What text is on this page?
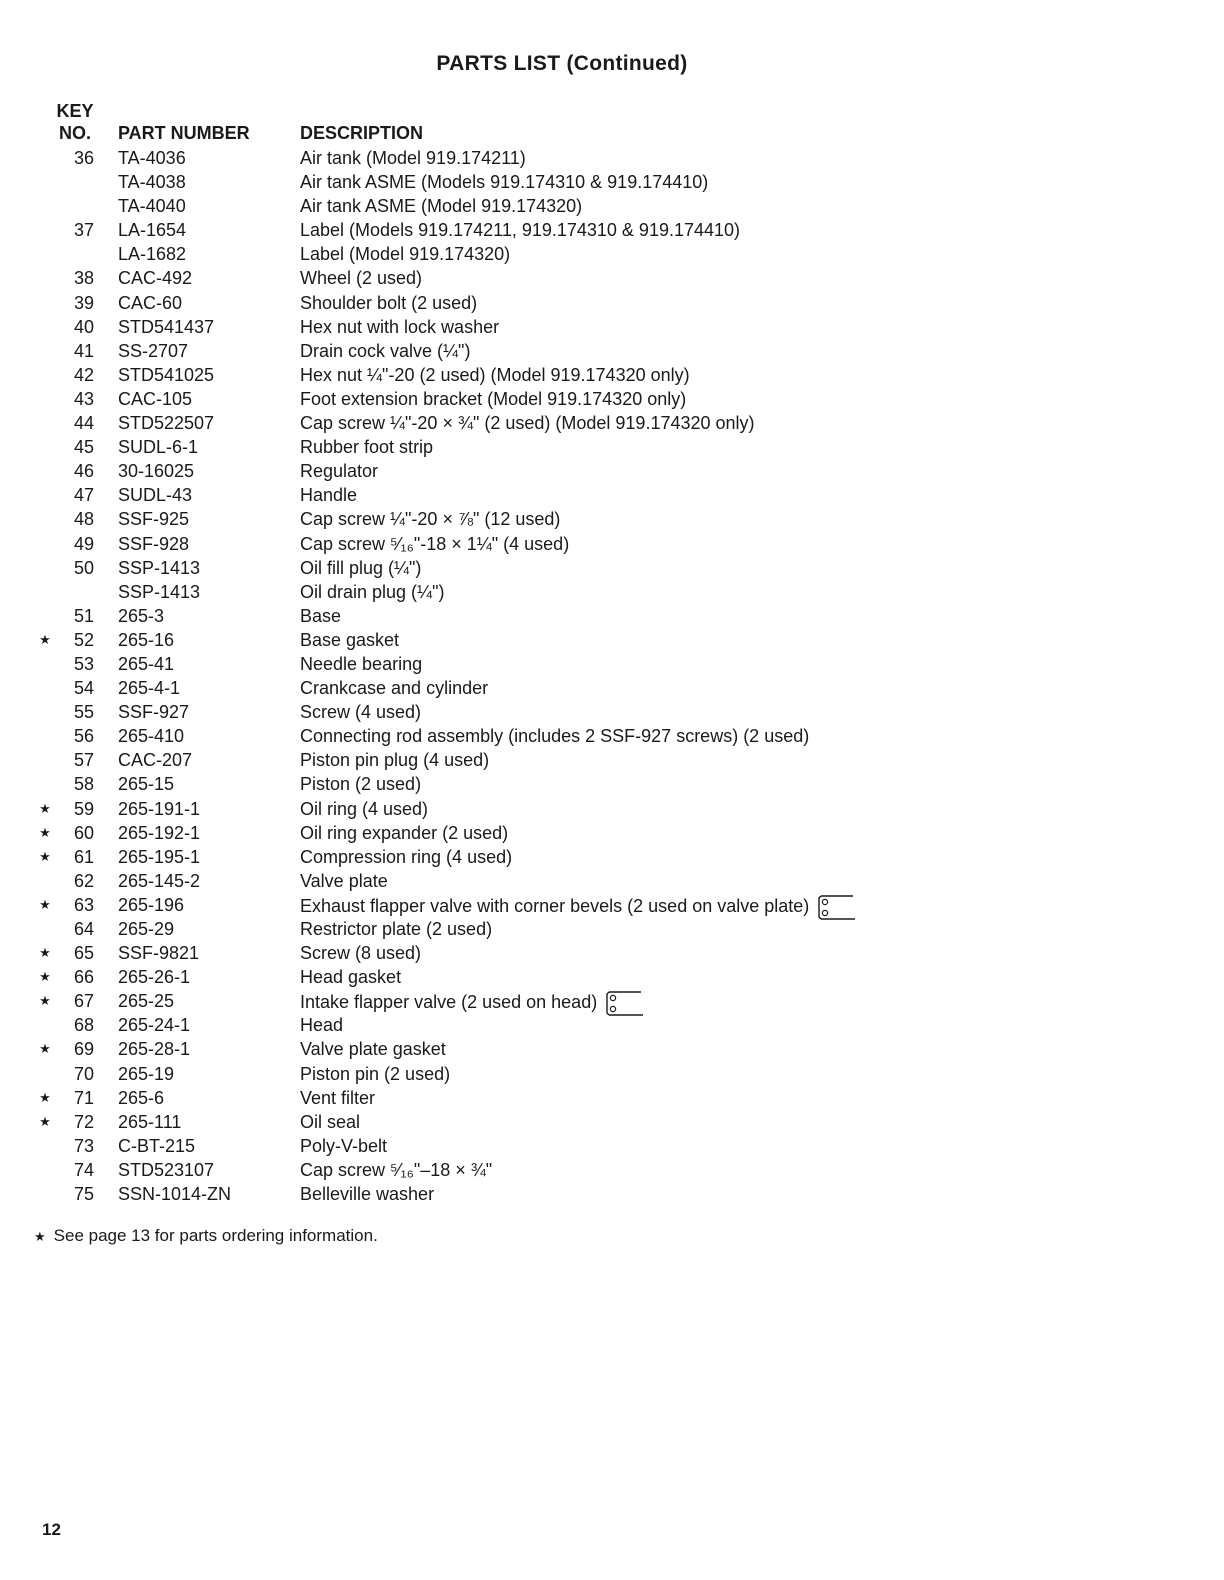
PARTS LIST (Continued)
KEY
NO. PART NUMBER	DESCRIPTION
36 TA-4036	Air tank (Model 919.174211)
TA-4038	Air tank ASME (Models 919.174310 & 919.174410)
TA-4040	Air tank ASME (Model 919.174320)
37 LA-1654	Label (Models 919.174211, 919.174310 & 919.174410)
LA-1682	Label (Model 919.174320)
38 CAC-492	Wheel (2 used)
39 CAC-60	Shoulder bolt (2 used)
40 STD541437	Hex nut with lock washer
41 SS-2707	Drain cock valve (¼")
42 STD541025	Hex nut ¼"-20 (2 used) (Model 919.174320 only)
43 CAC-105	Foot extension bracket (Model 919.174320 only)
44 STD522507	Cap screw ¼"-20 × ¾" (2 used) (Model 919.174320 only)
45 SUDL-6-1	Rubber foot strip
46 30-16025	Regulator
47 SUDL-43	Handle
48 SSF-925	Cap screw ¼"-20 × ⅞" (12 used)
49 SSF-928	Cap screw ⁵⁄₁₆"-18 × 1¼" (4 used)
50 SSP-1413	Oil fill plug (¼")
SSP-1413	Oil drain plug (¼")
51 265-3	Base
★	52 265-16	Base gasket
53 265-41	Needle bearing
54 265-4-1	Crankcase and cylinder
55 SSF-927	Screw (4 used)
56 265-410	Connecting rod assembly (includes 2 SSF-927 screws) (2 used)
57 CAC-207	Piston pin plug (4 used)
58 265-15	Piston (2 used)
★	59 265-191-1	Oil ring (4 used)
★	60 265-192-1	Oil ring expander (2 used)
★	61 265-195-1	Compression ring (4 used)
62 265-145-2	Valve plate
★	63 265-196	Exhaust flapper valve with corner bevels (2 used on valve plate)
64 265-29	Restrictor plate (2 used)
★	65 SSF-9821	Screw (8 used)
★	66 265-26-1	Head gasket
★	67 265-25	Intake flapper valve (2 used on head)
68 265-24-1	Head
★	69 265-28-1	Valve plate gasket
70 265-19	Piston pin (2 used)
★	71 265-6	Vent filter
★	72 265-111	Oil seal
73 C-BT-215	Poly-V-belt
74 STD523107	Cap screw ⁵⁄₁₆"–18 × ¾"
75 SSN-1014-ZN	Belleville washer
★ See page 13 for parts ordering information.
12
